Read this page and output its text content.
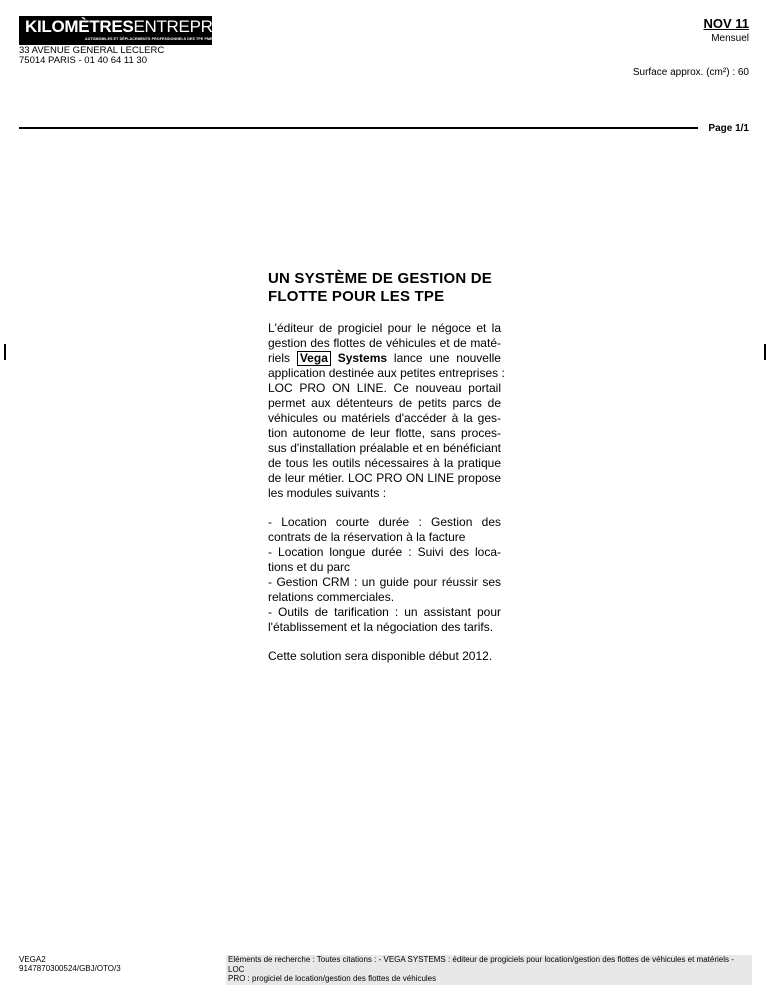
KILOMÈTRESENTREPRISE
AUTOMOBILES ET DÉPLACEMENTS PROFESSIONNELS DES TPE PME PMI
33 AVENUE GENERAL LECLERC
75014 PARIS - 01 40 64 11 30
NOV 11
Mensuel
Surface approx. (cm²) : 60
Page 1/1
UN SYSTÈME DE GESTION DE
FLOTTE POUR LES TPE
L'éditeur de progiciel pour le négoce et la
gestion des flottes de véhicules et de maté-
riels Vega Systems lance une nouvelle
application destinée aux petites entreprises :
LOC PRO ON LINE. Ce nouveau portail
permet aux détenteurs de petits parcs de
véhicules ou matériels d'accéder à la ges-
tion autonome de leur flotte, sans proces-
sus d'installation préalable et en bénéficiant
de tous les outils nécessaires à la pratique
de leur métier. LOC PRO ON LINE propose
les modules suivants :
- Location courte durée : Gestion des
contrats de la réservation à la facture
- Location longue durée : Suivi des loca-
tions et du parc
- Gestion CRM : un guide pour réussir ses
relations commerciales.
- Outils de tarification : un assistant pour
l'établissement et la négociation des tarifs.

Cette solution sera disponible début 2012.

VEGA2
9147870300524/GBJ/OTO/3
Eléments de recherche : Toutes citations : - VEGA SYSTEMS : éditeur de progiciels pour location/gestion des flottes de véhicules et matériels - LOC
PRO : progiciel de location/gestion des flottes de véhicules
